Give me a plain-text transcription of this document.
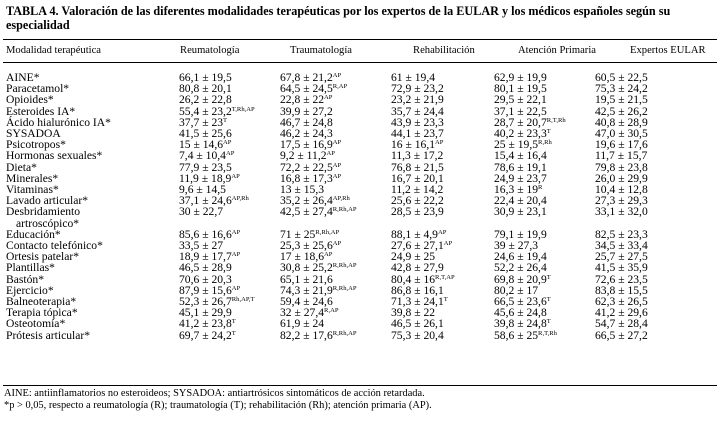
TABLA 4. Valoración de las diferentes modalidades terapéuticas por los expertos de la EULAR y los médicos españoles según su especialidad
Modalidad terapéutica	Reumatología	Traumatología	Rehabilitación	Atención Primaria	Expertos EULAR
AINE*	66,1 ± 19,5	$67,8 \pm 21,2^{AP}$	61 ± 19,4	62,9 ± 19,9	60,5 ± 22,5
Paracetamol*	80,8 ± 20,1	$64,5 \pm 24,5^{R,AP}$	72,9 ± 23,2	80,1 ± 19,5	75,3 ± 24,2
Opioides*	26,2 ± 22,8	$22,8 \pm 22^{AP}$	23,2 ± 21,9	29,5 ± 22,1	19,5 ± 21,5
Esteroides IA*	$55,4 \pm 23,2^{T,Rh,AP}$	39,9 ± 27,2	35,7 ± 24,4	37,1 ± 22,5	42,5 ± 26,2
Ácido hialurónico IA*	$37,7 \pm 23^T$	46,7 ± 24,8	43,9 ± 23,3	$28,7 \pm 20,7^{R,T,Rh}$	40,8 ± 28,9
SYSADOA	41,5 ± 25,6	46,2 ± 24,3	44,1 ± 23,7	$40,2 \pm 23,3^T$	47,0 ± 30,5
Psicotropos*	$15 \pm 14,6^{AP}$	$17,5 \pm 16,9^{AP}$	$16 \pm 16,1^{AP}$	$25 \pm 19,5^{R,Rh}$	19,6 ± 17,6
Hormonas sexuales*	$7,4 \pm 10,4^{AP}$	$9,2 \pm 11,2^{AP}$	11,3 ± 17,2	15,4 ± 16,4	11,7 ± 15,7
Dieta*	77,9 ± 23,5	$72,2 \pm 22,5^{AP}$	76,8 ± 21,5	78,6 ± 19,1	79,8 ± 23,8
Minerales*	$11,9 \pm 18,9^{AP}$	$16,8 \pm 17,3^{AP}$	16,7 ± 20,1	24,9 ± 23,7	26,0 ± 29,9
Vitaminas*	9,6 ± 14,5	13 ± 15,3	11,2 ± 14,2	$16,3 \pm 19^R$	10,4 ± 12,8
Lavado articular*	$37,1 \pm 24,6^{AP,Rh}$	$35,2 \pm 26,4^{AP,Rh}$	25,6 ± 22,2	22,4 ± 20,4	27,3 ± 29,3
Desbridamiento
artroscópico*	30 ± 22,7	$42,5 \pm 27,4^{R,Rh,AP}$	28,5 ± 23,9	30,9 ± 23,1	33,1 ± 32,0
Educación*	$85,6 \pm 16,6^{AP}$	$71 \pm 25^{R,Rh,AP}$	$88,1 \pm 4,9^{AP}$	79,1 ± 19,9	82,5 ± 23,3
Contacto telefónico*	33,5 ± 27	$25,3 \pm 25,6^{AP}$	$27,6 \pm 27,1^{AP}$	39 ± 27,3	34,5 ± 33,4
Ortesis patelar*	$18,9 \pm 17,7^{AP}$	$17 \pm 18,6^{AP}$	24,9 ± 25	24,6 ± 19,4	25,7 ± 27,5
Plantillas*	46,5 ± 28,9	$30,8 \pm 25,2^{R,Rh,AP}$	42,8 ± 27,9	52,2 ± 26,4	41,5 ± 35,9
Bastón*	70,6 ± 20,3	65,1 ± 21,6	$80,4 \pm 16^{R,T,AP}$	$69,8 \pm 20,9^T$	72,6 ± 23,5
Ejercicio*	$87,9 \pm 15,6^{AP}$	$74,3 \pm 21,9^{R,Rh,AP}$	86,8 ± 16,1	80,2 ± 17	83,8 ± 15,5
Balneoterapia*	$52,3 \pm 26,7^{Rh,AP,T}$	59,4 ± 24,6	$71,3 \pm 24,1^T$	$66,5 \pm 23,6^T$	62,3 ± 26,5
Terapia tópica*	45,1 ± 29,9	$32 \pm 27,4^{R,AP}$	39,8 ± 22	45,6 ± 24,8	41,2 ± 29,6
Osteotomía*	$41,2 \pm 23,8^T$	61,9 ± 24	46,5 ± 26,1	$39,8 \pm 24,8^T$	54,7 ± 28,4
Prótesis articular*	$69,7 \pm 24,2^T$	$82,2 \pm 17,6^{R,Rh,AP}$	75,3 ± 20,4	$58,6 \pm 25^{R,T,Rh}$	66,5 ± 27,2
AINE: antiinflamatorios no esteroideos; SYSADOA: antiartrósicos sintomáticos de acción retardada.
*p > 0,05, respecto a reumatología (R); traumatología (T); rehabilitación (Rh); atención primaria (AP).
